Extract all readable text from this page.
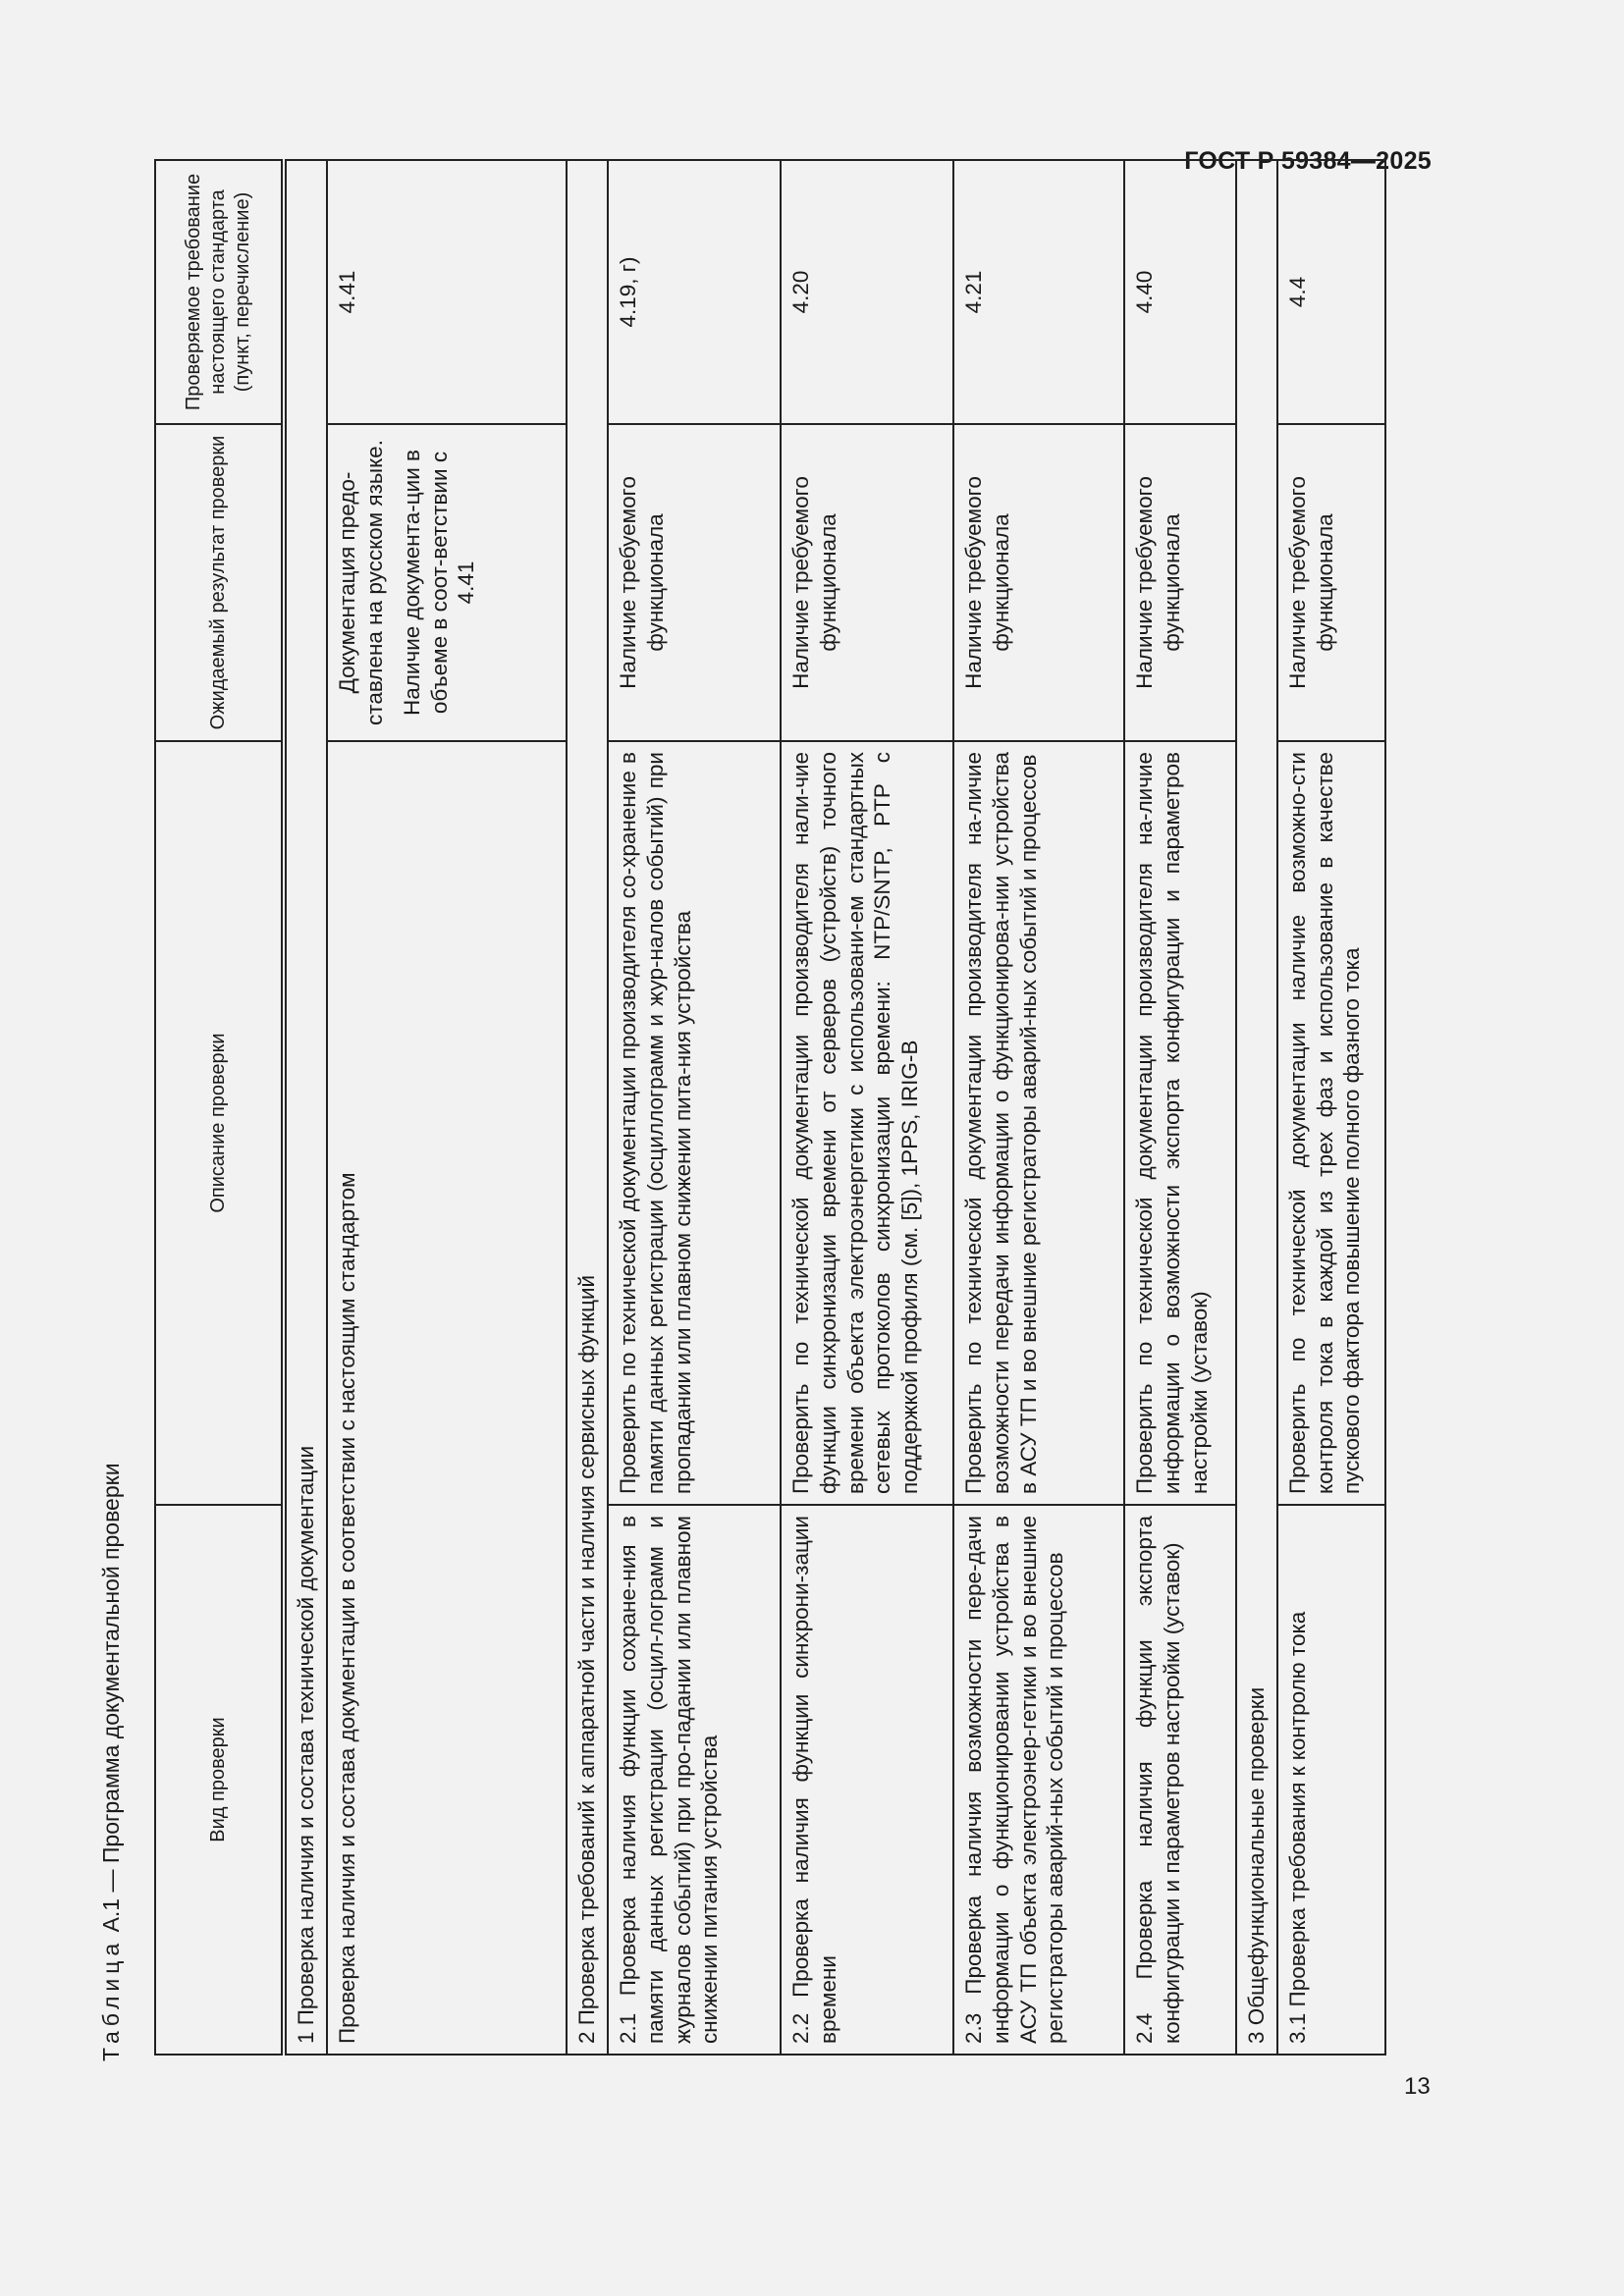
ГОСТ Р 59384—2025
Таблица А.1 — Программа документальной проверки	Вид проверки	Описание проверки	Ожидаемый результат проверки	Проверяемое требование настоящего стандарта (пункт, перечисление)
1 Проверка наличия и состава технической документации			
Проверка наличия и состава документации в соответствии с настоящим стандартом		Документация предо-ставлена на русском языке. Наличие документа-ции в объеме в соот-ветствии с 4.41	4.41
2 Проверка требований к аппаратной части и наличия сервисных функций			
2.1 Проверка наличия функции сохране-ния в памяти данных регистрации (осцил-лограмм и журналов событий) при про-падании или плавном снижении питания устройства	Проверить по технической документации производителя со-хранение в памяти данных регистрации (осциллограмм и жур-налов событий) при пропадании или плавном снижении пита-ния устройства	Наличие требуемого функционала	4.19, г)
2.2 Проверка наличия функции синхрони-зации времени	Проверить по технической документации производителя нали-чие функции синхронизации времени от серверов (устройств) точного времени объекта электроэнергетики с использовани-ем стандартных сетевых протоколов синхронизации времени: NTP/SNTP, PTP с поддержкой профиля (см. [5]), 1PPS, IRIG-B	Наличие требуемого функционала	4.20
2.3 Проверка наличия возможности пере-дачи информации о функционировании устройства в АСУ ТП объекта электроэнер-гетики и во внешние регистраторы аварий-ных событий и процессов	Проверить по технической документации производителя на-личие возможности передачи информации о функционирова-нии устройства в АСУ ТП и во внешние регистраторы аварий-ных событий и процессов	Наличие требуемого функционала	4.21
2.4 Проверка наличия функции экспорта конфигурации и параметров настройки (уставок)	Проверить по технической документации производителя на-личие информации о возможности экспорта конфигурации и параметров настройки (уставок)	Наличие требуемого функционала	4.40
3 Общефункциональные проверки			
3.1 Проверка требования к контролю тока	Проверить по технической документации наличие возможно-сти контроля тока в каждой из трех фаз и использование в качестве пускового фактора повышение полного фазного тока	Наличие требуемого функционала	4.4
13
